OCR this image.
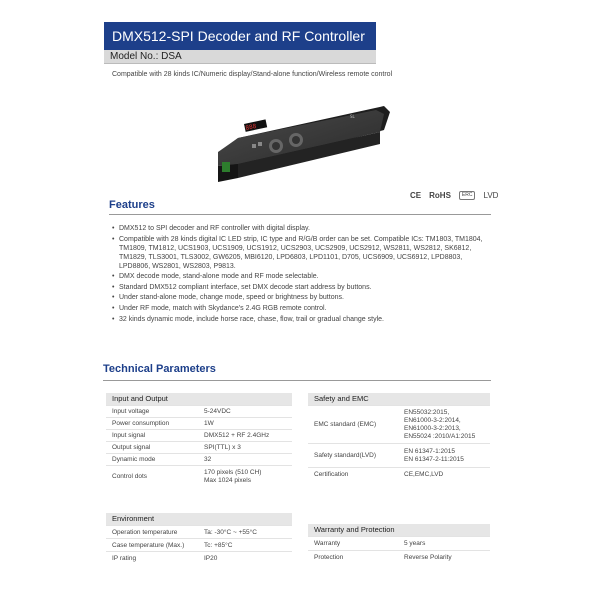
DMX512-SPI Decoder and RF Controller
Model No.: DSA
Compatible with 28 kinds IC/Numeric display/Stand-alone function/Wireless remote control
888
SL
CE RoHS	ERC	LVD
Features
• DMX512 to SPI decoder and RF controller with digital display.
• Compatible with 28 kinds digital IC LED strip, IC type and R/G/B order can be set. Compatible ICs: TM1803, TM1804, TM1809, TM1812, UCS1903, UCS1909, UCS1912, UCS2903, UCS2909, UCS2912, WS2811, WS2812, SK6812, TM1829, TLS3001, TLS3002, GW6205, MBI6120, LPD6803, LPD1101, D705, UCS6909, UCS6912, LPD8803, LPD8806, WS2801, WS2803, P9813.
• DMX decode mode, stand-alone mode and RF mode selectable.
• Standard DMX512 compliant interface, set DMX decode start address by buttons.
• Under stand-alone mode, change mode, speed or brightness by buttons.
• Under RF mode, match with Skydance's 2.4G RGB remote control.
• 32 kinds dynamic mode, include horse race, chase, flow, trail or gradual change style.
Technical Parameters
Input and Output
Input voltage	5-24VDC
Power consumption	1W
Input signal	DMX512 + RF 2.4GHz
Output signal	SPI(TTL) x 3
Dynamic mode	32
Control dots	170 pixels (510 CH)
Max 1024 pixels
Environment
Operation temperature	Ta: -30°C ~ +55°C
Case temperature (Max.)	Tc: +85°C
IP rating	IP20
Safety and EMC
EMC standard (EMC)	EN55032:2015,
EN61000-3-2:2014,
EN61000-3-2:2013,
EN55024 :2010/A1:2015
Safety standard(LVD)	EN 61347-1:2015
EN 61347-2-11:2015
Certification	CE,EMC,LVD
Warranty and Protection
Warranty	5 years
Protection	Reverse Polarity
